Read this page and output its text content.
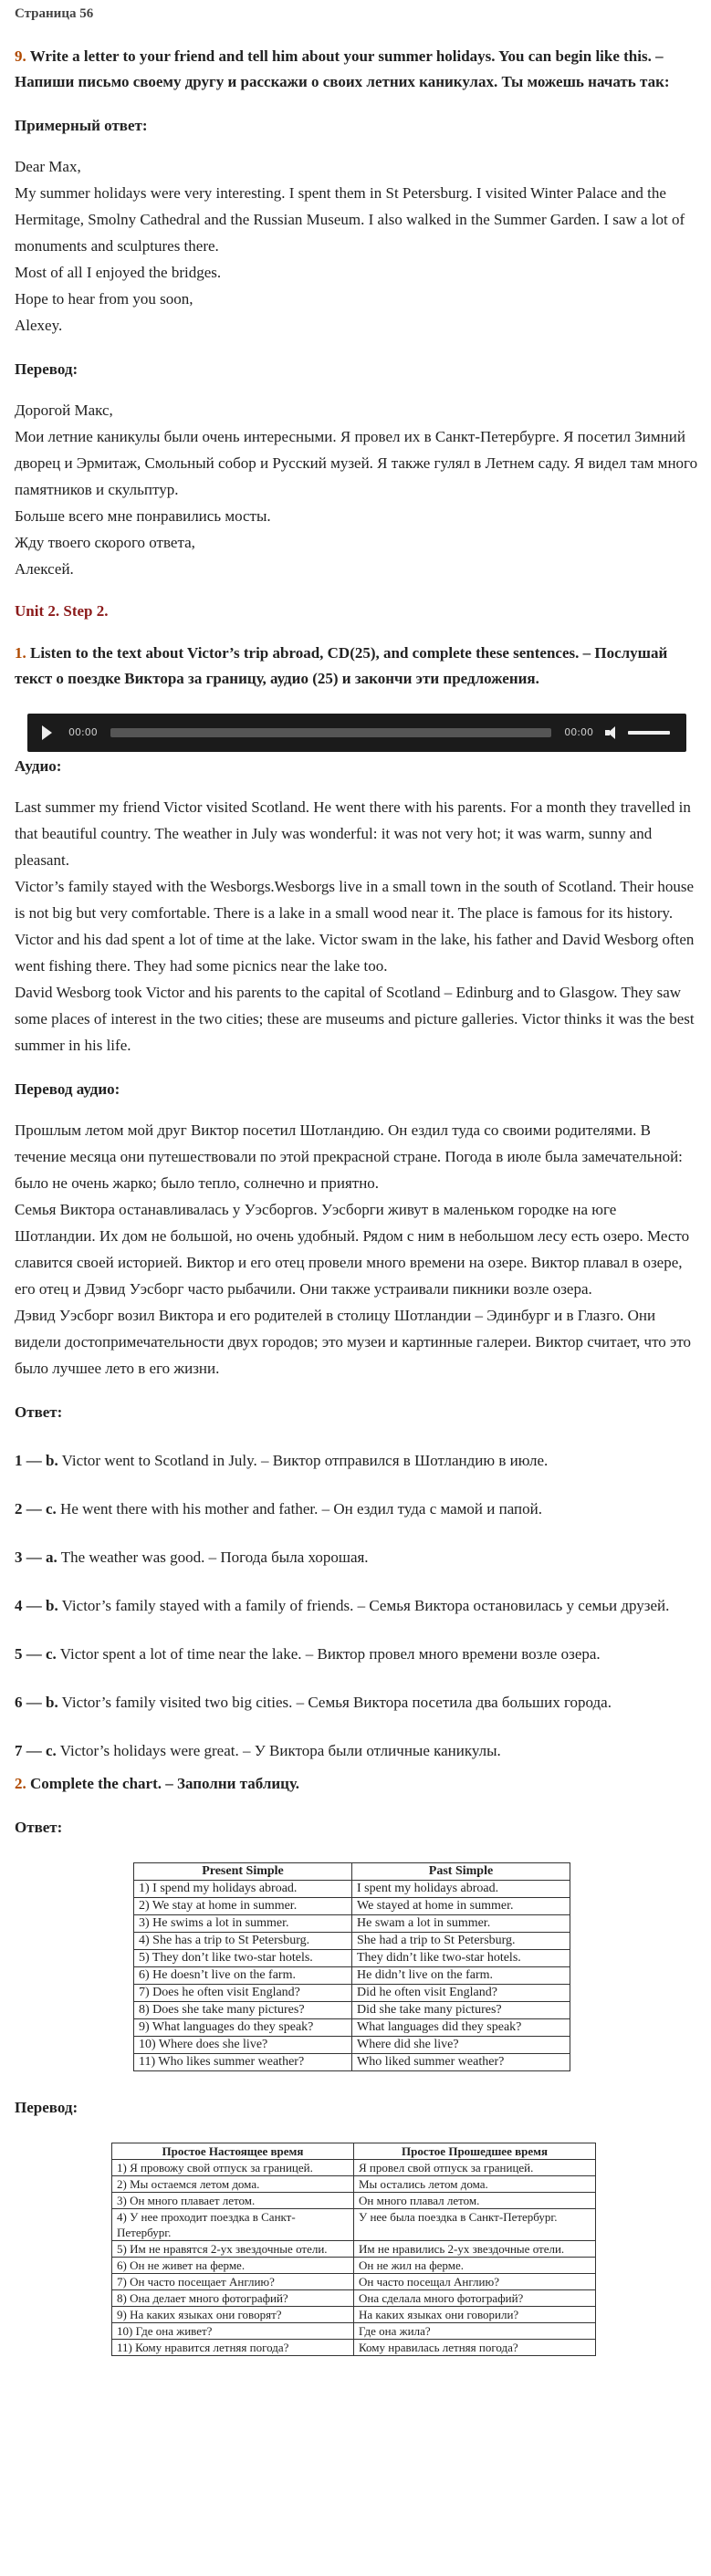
Страница 56

9. Write a letter to your friend and tell him about your summer holidays. You can begin like this. – Напиши письмо своему другу и расскажи о своих летних каникулах. Ты можешь начать так:

Примерный ответ:

Dear Max,
My summer holidays were very interesting. I spent them in St Petersburg. I visited Winter Palace and the Hermitage, Smolny Cathedral and the Russian Museum. I also walked in the Summer Garden. I saw a lot of monuments and sculptures there.
Most of all I enjoyed the bridges.
Hope to hear from you soon,
Alexey.

Перевод:

Дорогой Макс,
Мои летние каникулы были очень интересными. Я провел их в Санкт-Петербурге. Я посетил Зимний дворец и Эрмитаж, Смольный собор и Русский музей. Я также гулял в Летнем саду. Я видел там много памятников и скульптур.
Больше всего мне понравились мосты.
Жду твоего скорого ответа,
Алексей.

Unit 2. Step 2.

1. Listen to the text about Victor’s trip abroad, CD(25), and complete these sentences. – Послушай текст о поездке Виктора за границу, аудио (25) и закончи эти предложения.

00:00	00:00

Аудио:

Last summer my friend Victor visited Scotland. He went there with his parents. For a month they travelled in that beautiful country. The weather in July was wonderful: it was not very hot; it was warm, sunny and pleasant.
Victor’s family stayed with the Wesborgs.Wesborgs live in a small town in the south of Scotland. Their house is not big but very comfortable. There is a lake in a small wood near it. The place is famous for its history. Victor and his dad spent a lot of time at the lake. Victor swam in the lake, his father and David Wesborg often went fishing there. They had some picnics near the lake too.
David Wesborg took Victor and his parents to the capital of Scotland – Edinburg and to Glasgow. They saw some places of interest in the two cities; these are museums and picture galleries. Victor thinks it was the best summer in his life.

Перевод аудио:

Прошлым летом мой друг Виктор посетил Шотландию. Он ездил туда со своими родителями. В течение месяца они путешествовали по этой прекрасной стране. Погода в июле была замечательной: было не очень жарко; было тепло, солнечно и приятно.
Семья Виктора останавливалась у Уэсборгов. Уэсборги живут в маленьком городке на юге Шотландии. Их дом не большой, но очень удобный. Рядом с ним в небольшом лесу есть озеро. Место славится своей историей. Виктор и его отец провели много времени на озере. Виктор плавал в озере, его отец и Дэвид Уэсборг часто рыбачили. Они также устраивали пикники возле озера.
Дэвид Уэсборг возил Виктора и его родителей в столицу Шотландии – Эдинбург и в Глазго. Они видели достопримечательности двух городов; это музеи и картинные галереи. Виктор считает, что это было лучшее лето в его жизни.

Ответ:

1 — b. Victor went to Scotland in July. – Виктор отправился в Шотландию в июле.

2 — c. He went there with his mother and father. – Он ездил туда с мамой и папой.

3 — a. The weather was good. – Погода была хорошая.

4 — b. Victor’s family stayed with a family of friends. – Семья Виктора остановилась у семьи друзей.

5 — c. Victor spent a lot of time near the lake. – Виктор провел много времени возле озера.

6 — b. Victor’s family visited two big cities. – Семья Виктора посетила два больших города.

7 — c. Victor’s holidays were great. – У Виктора были отличные каникулы.

2. Complete the chart. – Заполни таблицу.

Ответ:

Present Simple	Past Simple
1) I spend my holidays abroad.	I spent my holidays abroad.
2) We stay at home in summer.	We stayed at home in summer.
3) He swims a lot in summer.	He swam a lot in summer.
4) She has a trip to St Petersburg.	She had a trip to St Petersburg.
5) They don’t like two-star hotels.	They didn’t like two-star hotels.
6) He doesn’t live on the farm.	He didn’t live on the farm.
7) Does he often visit England?	Did he often visit England?
8) Does she take many pictures?	Did she take many pictures?
9) What languages do they speak?	What languages did they speak?
10) Where does she live?	Where did she live?
11) Who likes summer weather?	Who liked summer weather?

Перевод:

Простое Настоящее время	Простое Прошедшее время
1) Я провожу свой отпуск за границей.	Я провел свой отпуск за границей.
2) Мы остаемся летом дома.	Мы остались летом дома.
3) Он много плавает летом.	Он много плавал летом.
4) У нее проходит поездка в Санкт-Петербург.	У нее была поездка в Санкт-Петербург.
5) Им не нравятся 2-ух звездочные отели.	Им не нравились 2-ух звездочные отели.
6) Он не живет на ферме.	Он не жил на ферме.
7) Он часто посещает Англию?	Он часто посещал Англию?
8) Она делает много фотографий?	Она сделала много фотографий?
9) На каких языках они говорят?	На каких языках они говорили?
10) Где она живет?	Где она жила?
11) Кому нравится летняя погода?	Кому нравилась летняя погода?
